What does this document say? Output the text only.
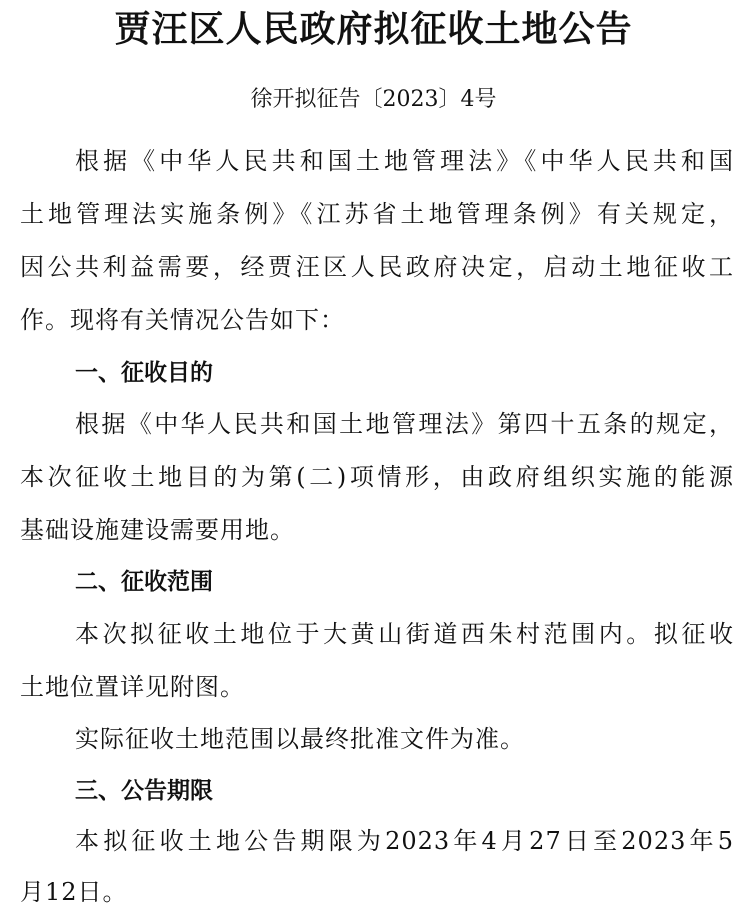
贾汪区人民政府拟征收土地公告
徐开拟征告〔2023〕4号
根据《中华人民共和国土地管理法》《中华人民共和国
土地管理法实施条例》《江苏省土地管理条例》有关规定，
因公共利益需要，经贾汪区人民政府决定，启动土地征收工
作。现将有关情况公告如下：
一、征收目的
根据《中华人民共和国土地管理法》第四十五条的规定，
本次征收土地目的为第(二)项情形，由政府组织实施的能源
基础设施建设需要用地。
二、征收范围
本次拟征收土地位于大黄山街道西朱村范围内。拟征收
土地位置详见附图。
实际征收土地范围以最终批准文件为准。
三、公告期限
本拟征收土地公告期限为2023年4月27日至2023年5
月12日。
